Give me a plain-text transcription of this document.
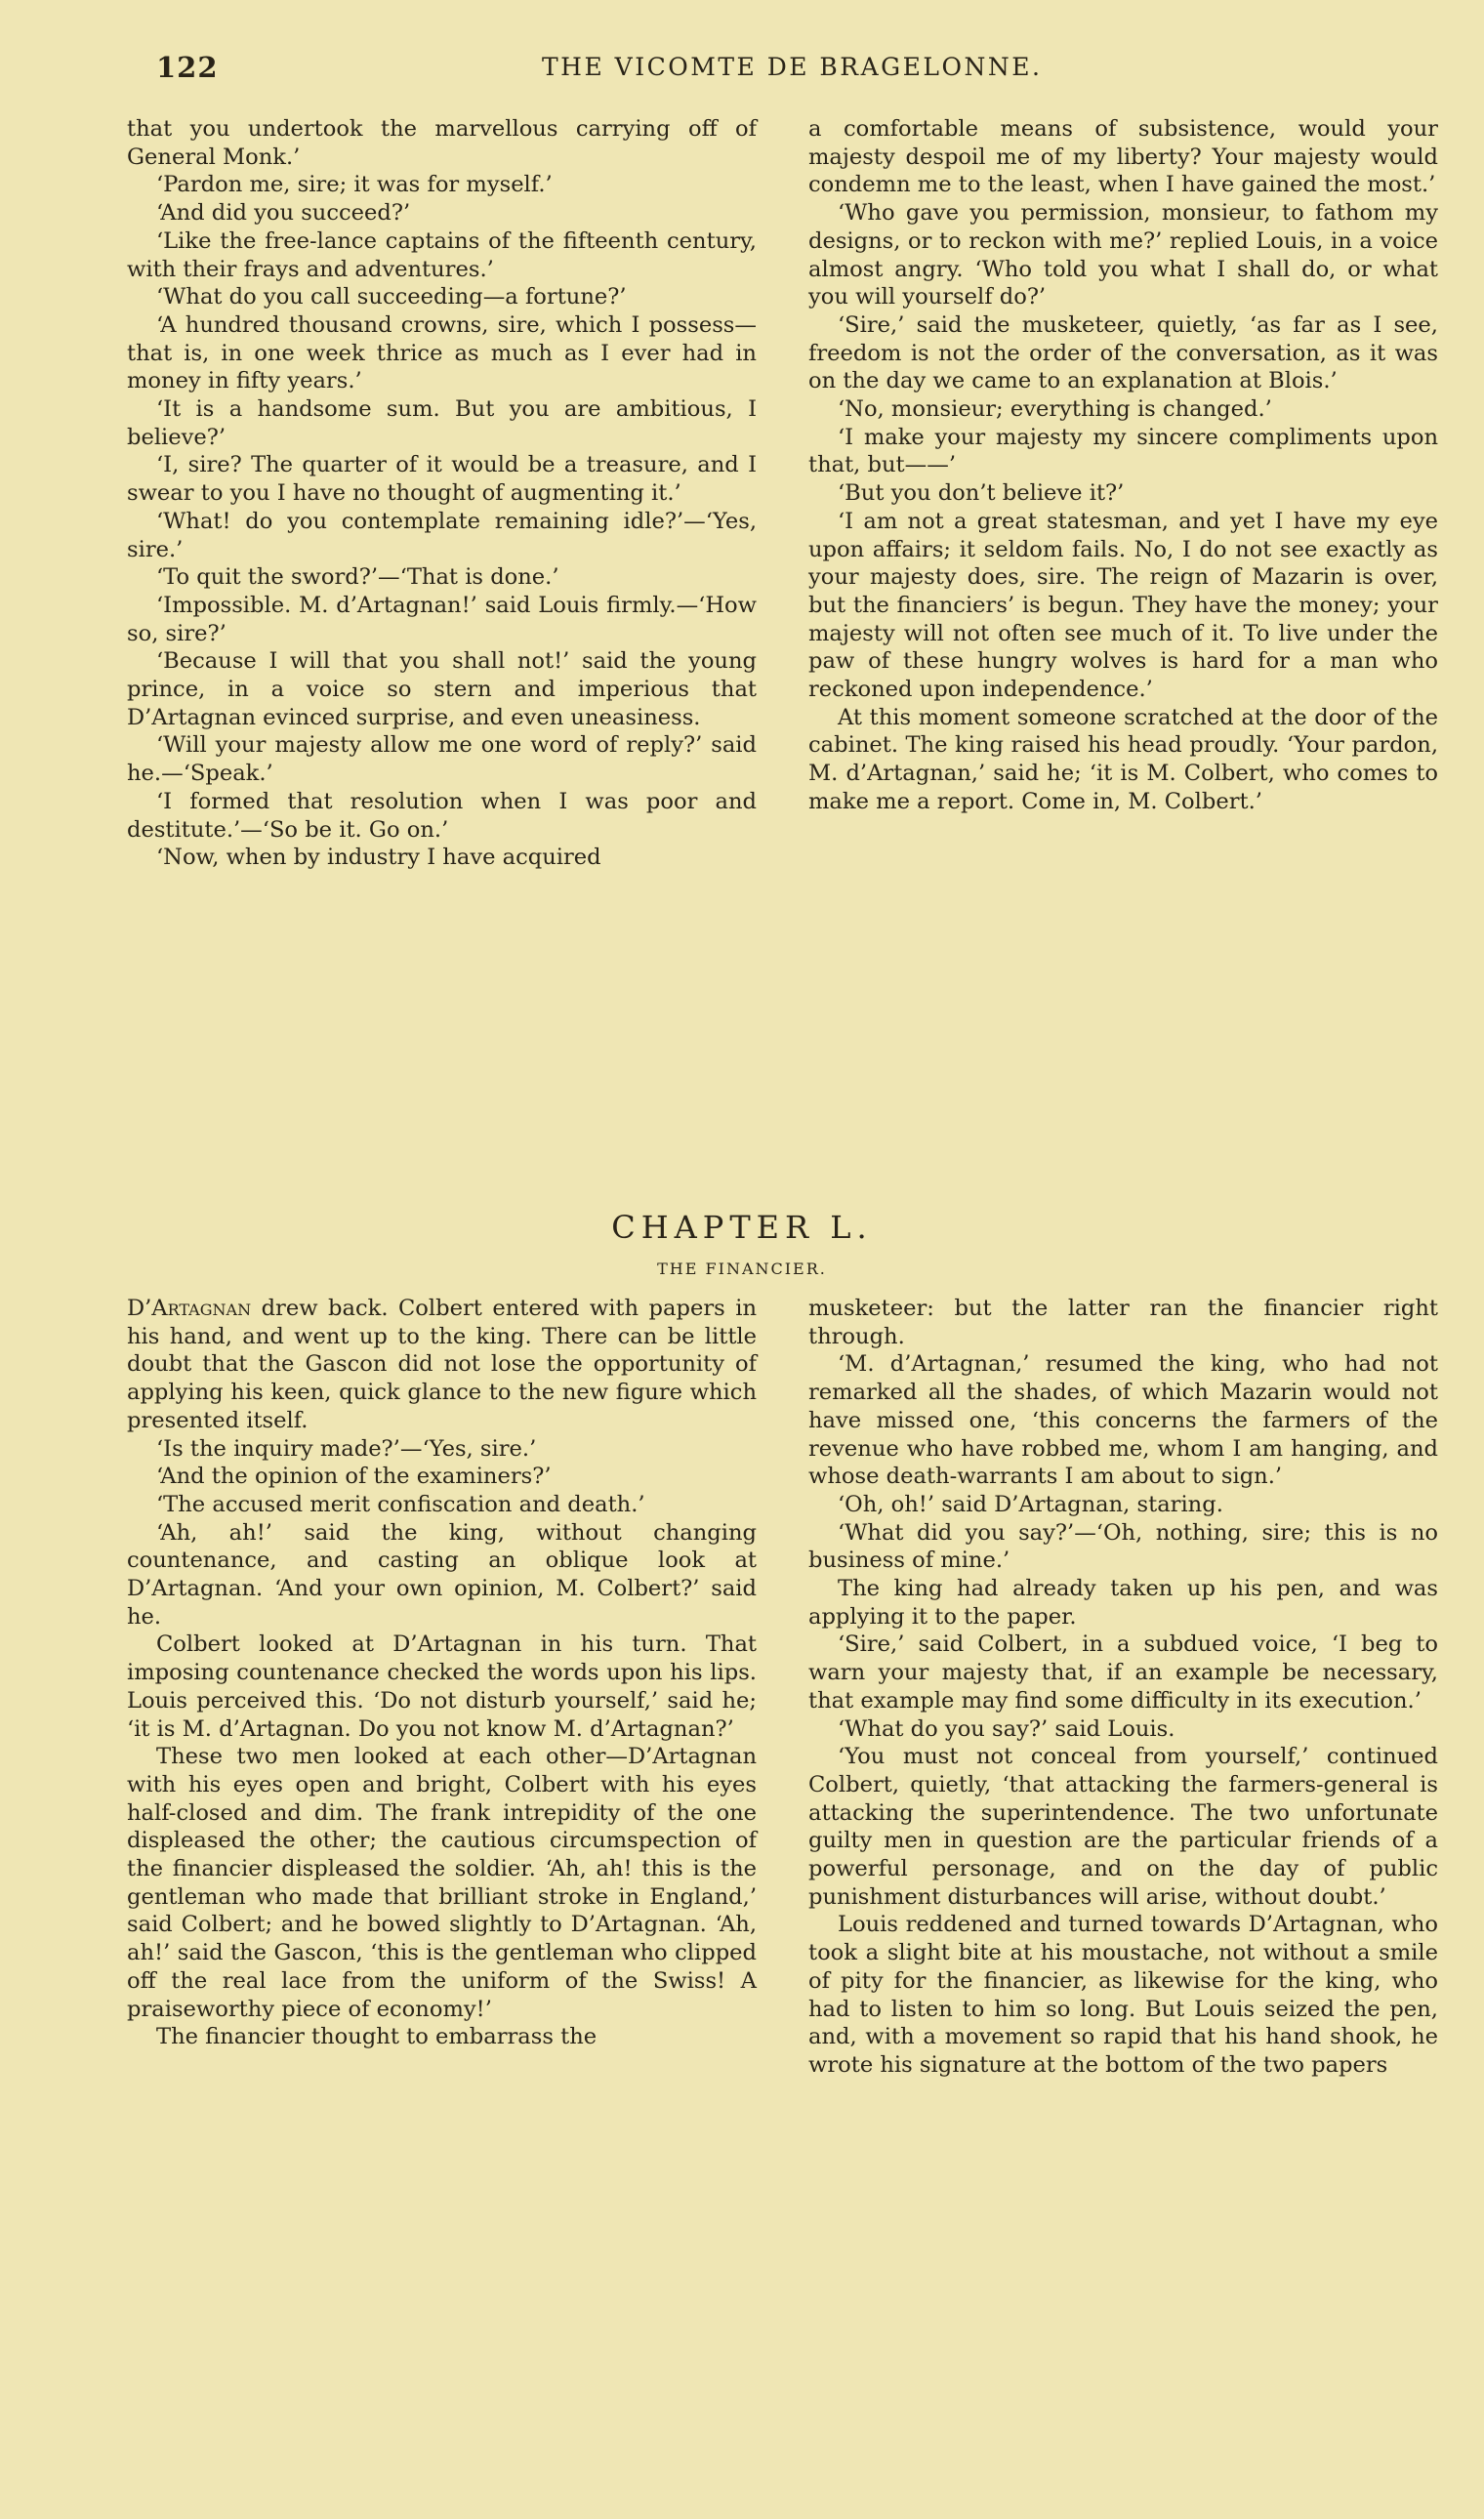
122	THE VICOMTE DE BRAGELONNE.

that you undertook the marvellous carrying off of General Monk.’

‘Pardon me, sire; it was for myself.’

‘And did you succeed?’

‘Like the free-lance captains of the fifteenth century, with their frays and adventures.’

‘What do you call succeeding—a fortune?’

‘A hundred thousand crowns, sire, which I possess—that is, in one week thrice as much as I ever had in money in fifty years.’

‘It is a handsome sum. But you are ambitious, I believe?’

‘I, sire? The quarter of it would be a treasure, and I swear to you I have no thought of augmenting it.’

‘What! do you contemplate remaining idle?’—‘Yes, sire.’

‘To quit the sword?’—‘That is done.’

‘Impossible. M. d’Artagnan!’ said Louis firmly.—‘How so, sire?’

‘Because I will that you shall not!’ said the young prince, in a voice so stern and imperious that D’Artagnan evinced surprise, and even uneasiness.

‘Will your majesty allow me one word of reply?’ said he.—‘Speak.’

‘I formed that resolution when I was poor and destitute.’—‘So be it. Go on.’

‘Now, when by industry I have acquired

a comfortable means of subsistence, would your majesty despoil me of my liberty? Your majesty would condemn me to the least, when I have gained the most.’

‘Who gave you permission, monsieur, to fathom my designs, or to reckon with me?’ replied Louis, in a voice almost angry. ‘Who told you what I shall do, or what you will yourself do?’

‘Sire,’ said the musketeer, quietly, ‘as far as I see, freedom is not the order of the conversation, as it was on the day we came to an explanation at Blois.’

‘No, monsieur; everything is changed.’

‘I make your majesty my sincere compliments upon that, but——’

‘But you don’t believe it?’

‘I am not a great statesman, and yet I have my eye upon affairs; it seldom fails. No, I do not see exactly as your majesty does, sire. The reign of Mazarin is over, but the financiers’ is begun. They have the money; your majesty will not often see much of it. To live under the paw of these hungry wolves is hard for a man who reckoned upon independence.’

At this moment someone scratched at the door of the cabinet. The king raised his head proudly. ‘Your pardon, M. d’Artagnan,’ said he; ‘it is M. Colbert, who comes to make me a report. Come in, M. Colbert.’

CHAPTER L.
THE FINANCIER.

D’Artagnan drew back. Colbert entered with papers in his hand, and went up to the king. There can be little doubt that the Gascon did not lose the opportunity of applying his keen, quick glance to the new figure which presented itself.

‘Is the inquiry made?’—‘Yes, sire.’

‘And the opinion of the examiners?’

‘The accused merit confiscation and death.’

‘Ah, ah!’ said the king, without changing countenance, and casting an oblique look at D’Artagnan. ‘And your own opinion, M. Colbert?’ said he.

Colbert looked at D’Artagnan in his turn. That imposing countenance checked the words upon his lips. Louis perceived this. ‘Do not disturb yourself,’ said he; ‘it is M. d’Artagnan. Do you not know M. d’Artagnan?’

These two men looked at each other—D’Artagnan with his eyes open and bright, Colbert with his eyes half-closed and dim. The frank intrepidity of the one displeased the other; the cautious circumspection of the financier displeased the soldier. ‘Ah, ah! this is the gentleman who made that brilliant stroke in England,’ said Colbert; and he bowed slightly to D’Artagnan. ‘Ah, ah!’ said the Gascon, ‘this is the gentleman who clipped off the real lace from the uniform of the Swiss! A praiseworthy piece of economy!’

The financier thought to embarrass the

musketeer: but the latter ran the financier right through.

‘M. d’Artagnan,’ resumed the king, who had not remarked all the shades, of which Mazarin would not have missed one, ‘this concerns the farmers of the revenue who have robbed me, whom I am hanging, and whose death-warrants I am about to sign.’

‘Oh, oh!’ said D’Artagnan, staring.

‘What did you say?’—‘Oh, nothing, sire; this is no business of mine.’

The king had already taken up his pen, and was applying it to the paper.

‘Sire,’ said Colbert, in a subdued voice, ‘I beg to warn your majesty that, if an example be necessary, that example may find some difficulty in its execution.’

‘What do you say?’ said Louis.

‘You must not conceal from yourself,’ continued Colbert, quietly, ‘that attacking the farmers-general is attacking the superintendence. The two unfortunate guilty men in question are the particular friends of a powerful personage, and on the day of public punishment disturbances will arise, without doubt.’

Louis reddened and turned towards D’Artagnan, who took a slight bite at his moustache, not without a smile of pity for the financier, as likewise for the king, who had to listen to him so long. But Louis seized the pen, and, with a movement so rapid that his hand shook, he wrote his signature at the bottom of the two papers
